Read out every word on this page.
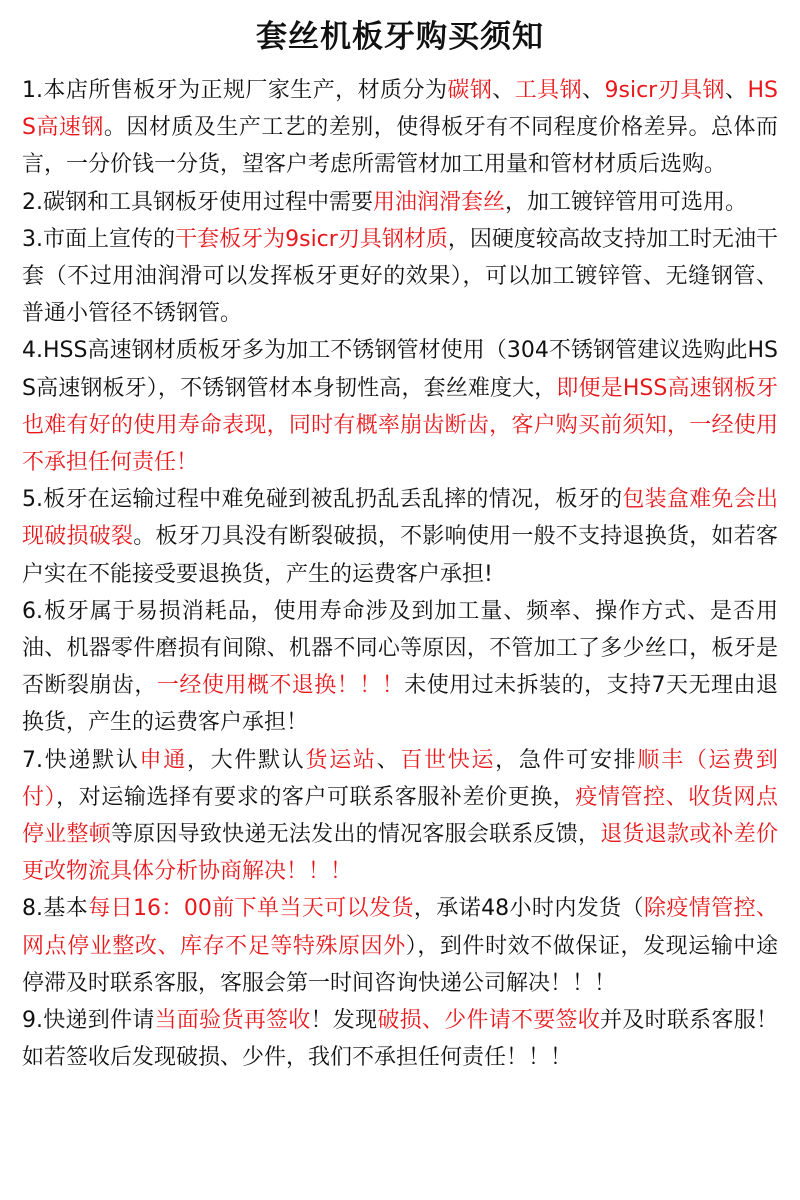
套丝机板牙购买须知

1.本店所售板牙为正规厂家生产，材质分为碳钢、工具钢、9sicr刃具钢、HSS高速钢。因材质及生产工艺的差别，使得板牙有不同程度价格差异。总体而言，一分价钱一分货，望客户考虑所需管材加工用量和管材材质后选购。

2.碳钢和工具钢板牙使用过程中需要用油润滑套丝，加工镀锌管用可选用。

3.市面上宣传的干套板牙为9sicr刃具钢材质，因硬度较高故支持加工时无油干套（不过用油润滑可以发挥板牙更好的效果），可以加工镀锌管、无缝钢管、普通小管径不锈钢管。

4.HSS高速钢材质板牙多为加工不锈钢管材使用（304不锈钢管建议选购此HSS高速钢板牙），不锈钢管材本身韧性高，套丝难度大，即便是HSS高速钢板牙也难有好的使用寿命表现，同时有概率崩齿断齿，客户购买前须知，一经使用不承担任何责任！

5.板牙在运输过程中难免碰到被乱扔乱丢乱摔的情况，板牙的包装盒难免会出现破损破裂。板牙刀具没有断裂破损，不影响使用一般不支持退换货，如若客户实在不能接受要退换货，产生的运费客户承担!

6.板牙属于易损消耗品，使用寿命涉及到加工量、频率、操作方式、是否用油、机器零件磨损有间隙、机器不同心等原因，不管加工了多少丝口，板牙是否断裂崩齿，一经使用概不退换！！！未使用过未拆装的，支持7天无理由退换货，产生的运费客户承担！

7.快递默认申通，大件默认货运站、百世快运，急件可安排顺丰（运费到付），对运输选择有要求的客户可联系客服补差价更换，疫情管控、收货网点停业整顿等原因导致快递无法发出的情况客服会联系反馈，退货退款或补差价更改物流具体分析协商解决！！！

8.基本每日16：00前下单当天可以发货，承诺48小时内发货（除疫情管控、网点停业整改、库存不足等特殊原因外），到件时效不做保证，发现运输中途停滞及时联系客服，客服会第一时间咨询快递公司解决！！！

9.快递到件请当面验货再签收！发现破损、少件请不要签收并及时联系客服！如若签收后发现破损、少件，我们不承担任何责任！！！
